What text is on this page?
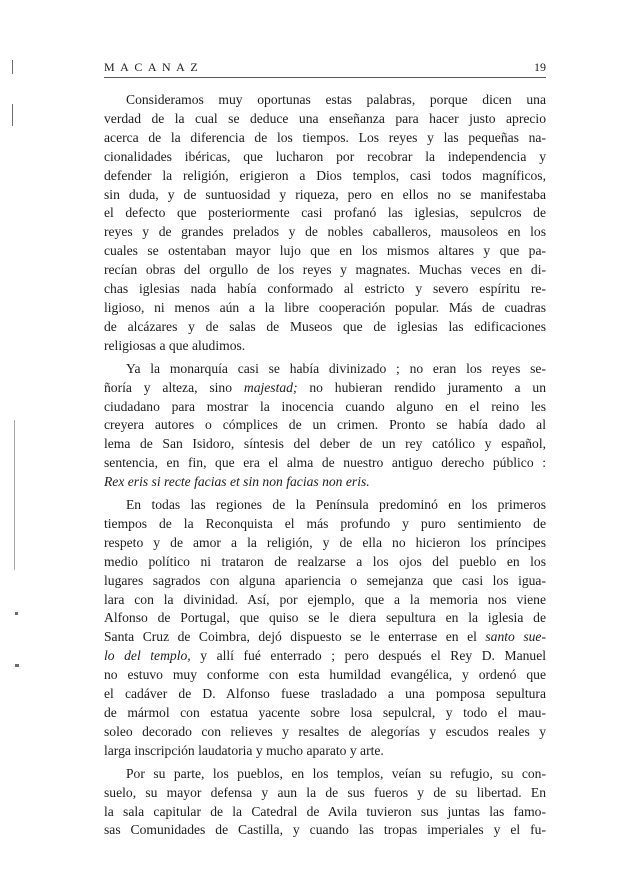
MACANAZ	19
Consideramos muy oportunas estas palabras, porque dicen una
verdad de la cual se deduce una enseñanza para hacer justo aprecio
acerca de la diferencia de los tiempos. Los reyes y las pequeñas na-
cionalidades ibéricas, que lucharon por recobrar la independencia y
defender la religión, erigieron a Dios templos, casi todos magníficos,
sin duda, y de suntuosidad y riqueza, pero en ellos no se manifestaba
el defecto que posteriormente casi profanó las iglesias, sepulcros de
reyes y de grandes prelados y de nobles caballeros, mausoleos en los
cuales se ostentaban mayor lujo que en los mismos altares y que pa-
recían obras del orgullo de los reyes y magnates. Muchas veces en di-
chas iglesias nada había conformado al estricto y severo espíritu re-
ligioso, ni menos aún a la libre cooperación popular. Más de cuadras
de alcázares y de salas de Museos que de iglesias las edificaciones
religiosas a que aludimos.
Ya la monarquía casi se había divinizado ; no eran los reyes se-
ñoría y alteza, sino majestad; no hubieran rendido juramento a un
ciudadano para mostrar la inocencia cuando alguno en el reino les
creyera autores o cómplices de un crimen. Pronto se había dado al
lema de San Isidoro, síntesis del deber de un rey católico y español,
sentencia, en fin, que era el alma de nuestro antiguo derecho público :
Rex eris si recte facias et sin non facias non eris.
En todas las regiones de la Península predominó en los primeros
tiempos de la Reconquista el más profundo y puro sentimiento de
respeto y de amor a la religión, y de ella no hicieron los príncipes
medio político ni trataron de realzarse a los ojos del pueblo en los
lugares sagrados con alguna apariencia o semejanza que casi los igua-
lara con la divinidad. Así, por ejemplo, que a la memoria nos viene
Alfonso de Portugal, que quiso se le diera sepultura en la iglesia de
Santa Cruz de Coimbra, dejó dispuesto se le enterrase en el santo sue-
lo del templo, y allí fué enterrado ; pero después el Rey D. Manuel
no estuvo muy conforme con esta humildad evangélica, y ordenó que
el cadáver de D. Alfonso fuese trasladado a una pomposa sepultura
de mármol con estatua yacente sobre losa sepulcral, y todo el mau-
soleo decorado con relieves y resaltes de alegorías y escudos reales y
larga inscripción laudatoria y mucho aparato y arte.
Por su parte, los pueblos, en los templos, veían su refugio, su con-
suelo, su mayor defensa y aun la de sus fueros y de su libertad. En
la sala capitular de la Catedral de Avila tuvieron sus juntas las famo-
sas Comunidades de Castilla, y cuando las tropas imperiales y el fu-
